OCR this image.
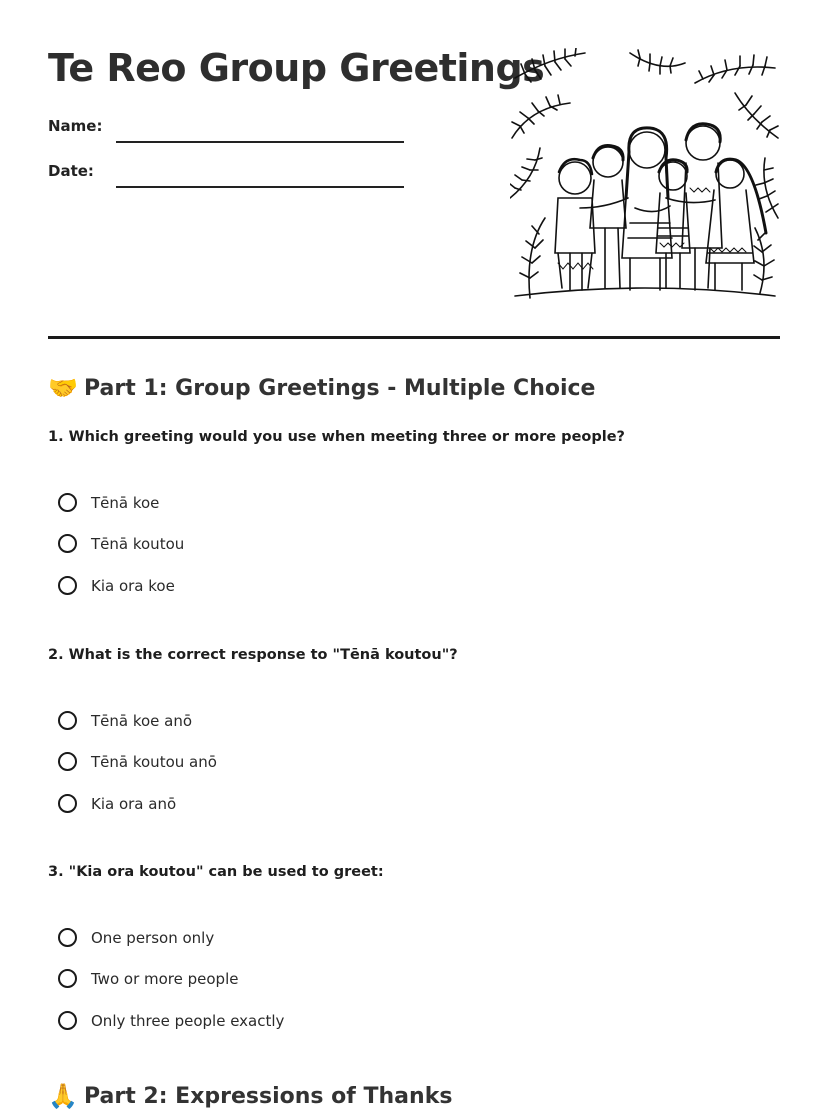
Te Reo Group Greetings
Name:
Date:
🤝 Part 1: Group Greetings - Multiple Choice
1. Which greeting would you use when meeting three or more people?
Tēnā koe
Tēnā koutou
Kia ora koe
2. What is the correct response to "Tēnā koutou"?
Tēnā koe anō
Tēnā koutou anō
Kia ora anō
3. "Kia ora koutou" can be used to greet:
One person only
Two or more people
Only three people exactly
🙏 Part 2: Expressions of Thanks
